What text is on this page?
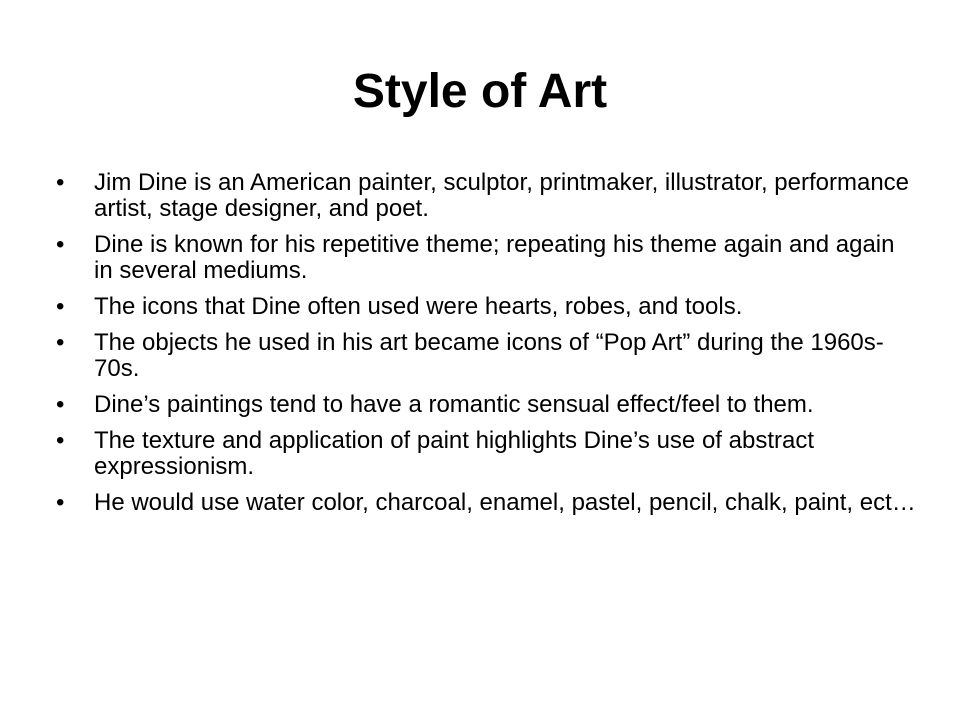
Style of Art
•	Jim Dine is an American painter, sculptor, printmaker, illustrator, performance artist, stage designer, and poet.
•	Dine is known for his repetitive theme; repeating his theme again and again in several mediums.
•	The icons that Dine often used were hearts, robes, and tools.
•	The objects he used in his art became icons of “Pop Art” during the 1960s-70s.
•	Dine’s paintings tend to have a romantic sensual effect/feel to them.
•	The texture and application of paint highlights Dine’s use of abstract expressionism.
•	He would use water color, charcoal, enamel, pastel, pencil, chalk, paint, ect…
